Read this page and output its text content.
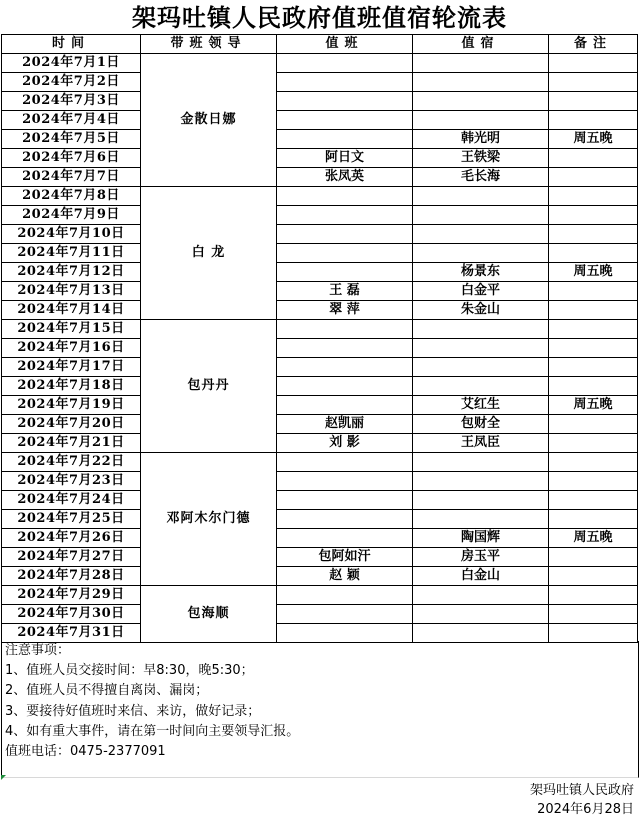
架玛吐镇人民政府值班值宿轮流表
时间	带班领导	值班	值宿	备注
2024年7月1日	金散日娜			
2024年7月2日				
2024年7月3日				
2024年7月4日				
2024年7月5日			韩光明	周五晚
2024年7月6日		阿日文	王铁梁	
2024年7月7日		张凤英	毛长海	
2024年7月8日	白 龙			
2024年7月9日				
2024年7月10日				
2024年7月11日				
2024年7月12日			杨景东	周五晚
2024年7月13日		王 磊	白金平	
2024年7月14日		翠 萍	朱金山	
2024年7月15日	包丹丹			
2024年7月16日				
2024年7月17日				
2024年7月18日				
2024年7月19日			艾红生	周五晚
2024年7月20日		赵凯丽	包财全	
2024年7月21日		刘 影	王凤臣	
2024年7月22日	邓阿木尔门德			
2024年7月23日				
2024年7月24日				
2024年7月25日				
2024年7月26日			陶国辉	周五晚
2024年7月27日		包阿如汗	房玉平	
2024年7月28日		赵 颖	白金山	
2024年7月29日	包海顺			
2024年7月30日				
2024年7月31日				
注意事项：
1、值班人员交接时间：早8:30，晚5:30；
2、值班人员不得擅自离岗、漏岗；
3、要接待好值班时来信、来访，做好记录；
4、如有重大事件，请在第一时间向主要领导汇报。
值班电话：0475-2377091
架玛吐镇人民政府
2024年6月28日
